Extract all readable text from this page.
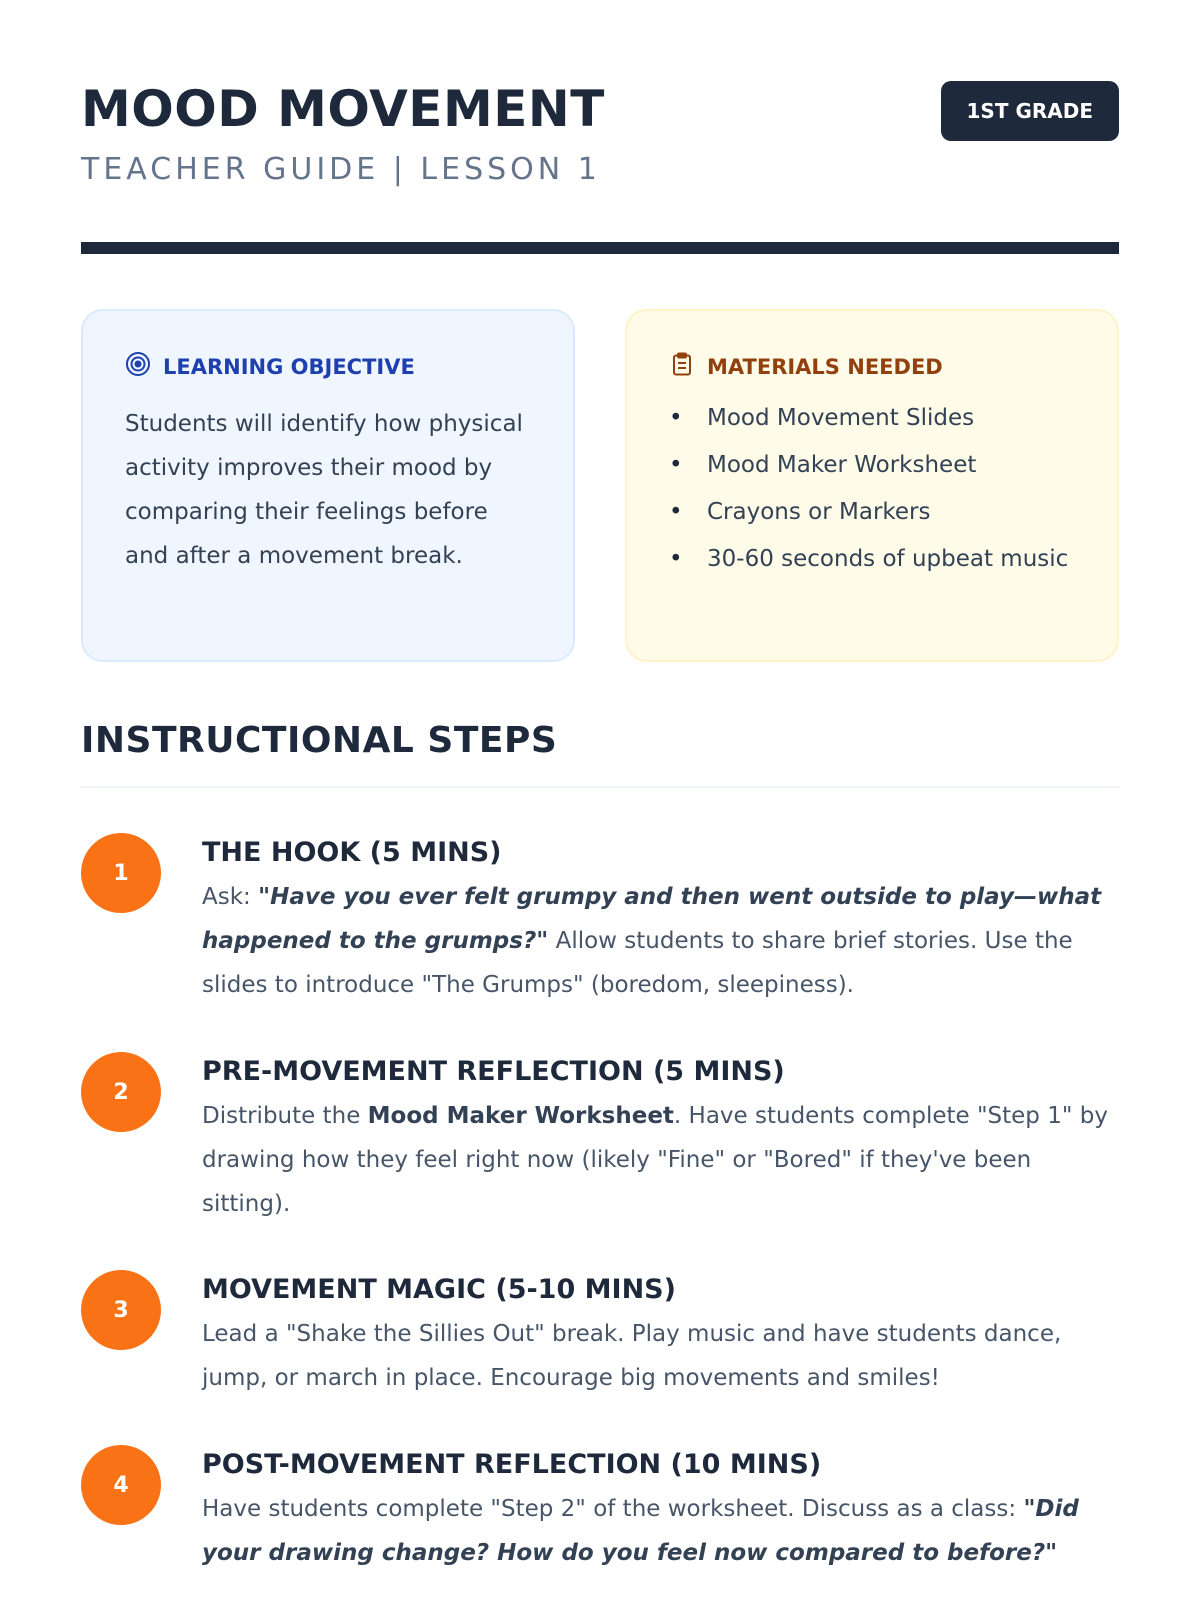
MOOD MOVEMENT
TEACHER GUIDE | LESSON 1
1ST GRADE
LEARNING OBJECTIVE
Students will identify how physical activity improves their mood by comparing their feelings before and after a movement break.
MATERIALS NEEDED
• Mood Movement Slides
• Mood Maker Worksheet
• Crayons or Markers
• 30-60 seconds of upbeat music
INSTRUCTIONAL STEPS
1
THE HOOK (5 MINS)
Ask: "Have you ever felt grumpy and then went outside to play—what happened to the grumps?" Allow students to share brief stories. Use the slides to introduce "The Grumps" (boredom, sleepiness).
2
PRE-MOVEMENT REFLECTION (5 MINS)
Distribute the Mood Maker Worksheet. Have students complete "Step 1" by drawing how they feel right now (likely "Fine" or "Bored" if they've been sitting).
3
MOVEMENT MAGIC (5-10 MINS)
Lead a "Shake the Sillies Out" break. Play music and have students dance, jump, or march in place. Encourage big movements and smiles!
4
POST-MOVEMENT REFLECTION (10 MINS)
Have students complete "Step 2" of the worksheet. Discuss as a class: "Did your drawing change? How do you feel now compared to before?"
